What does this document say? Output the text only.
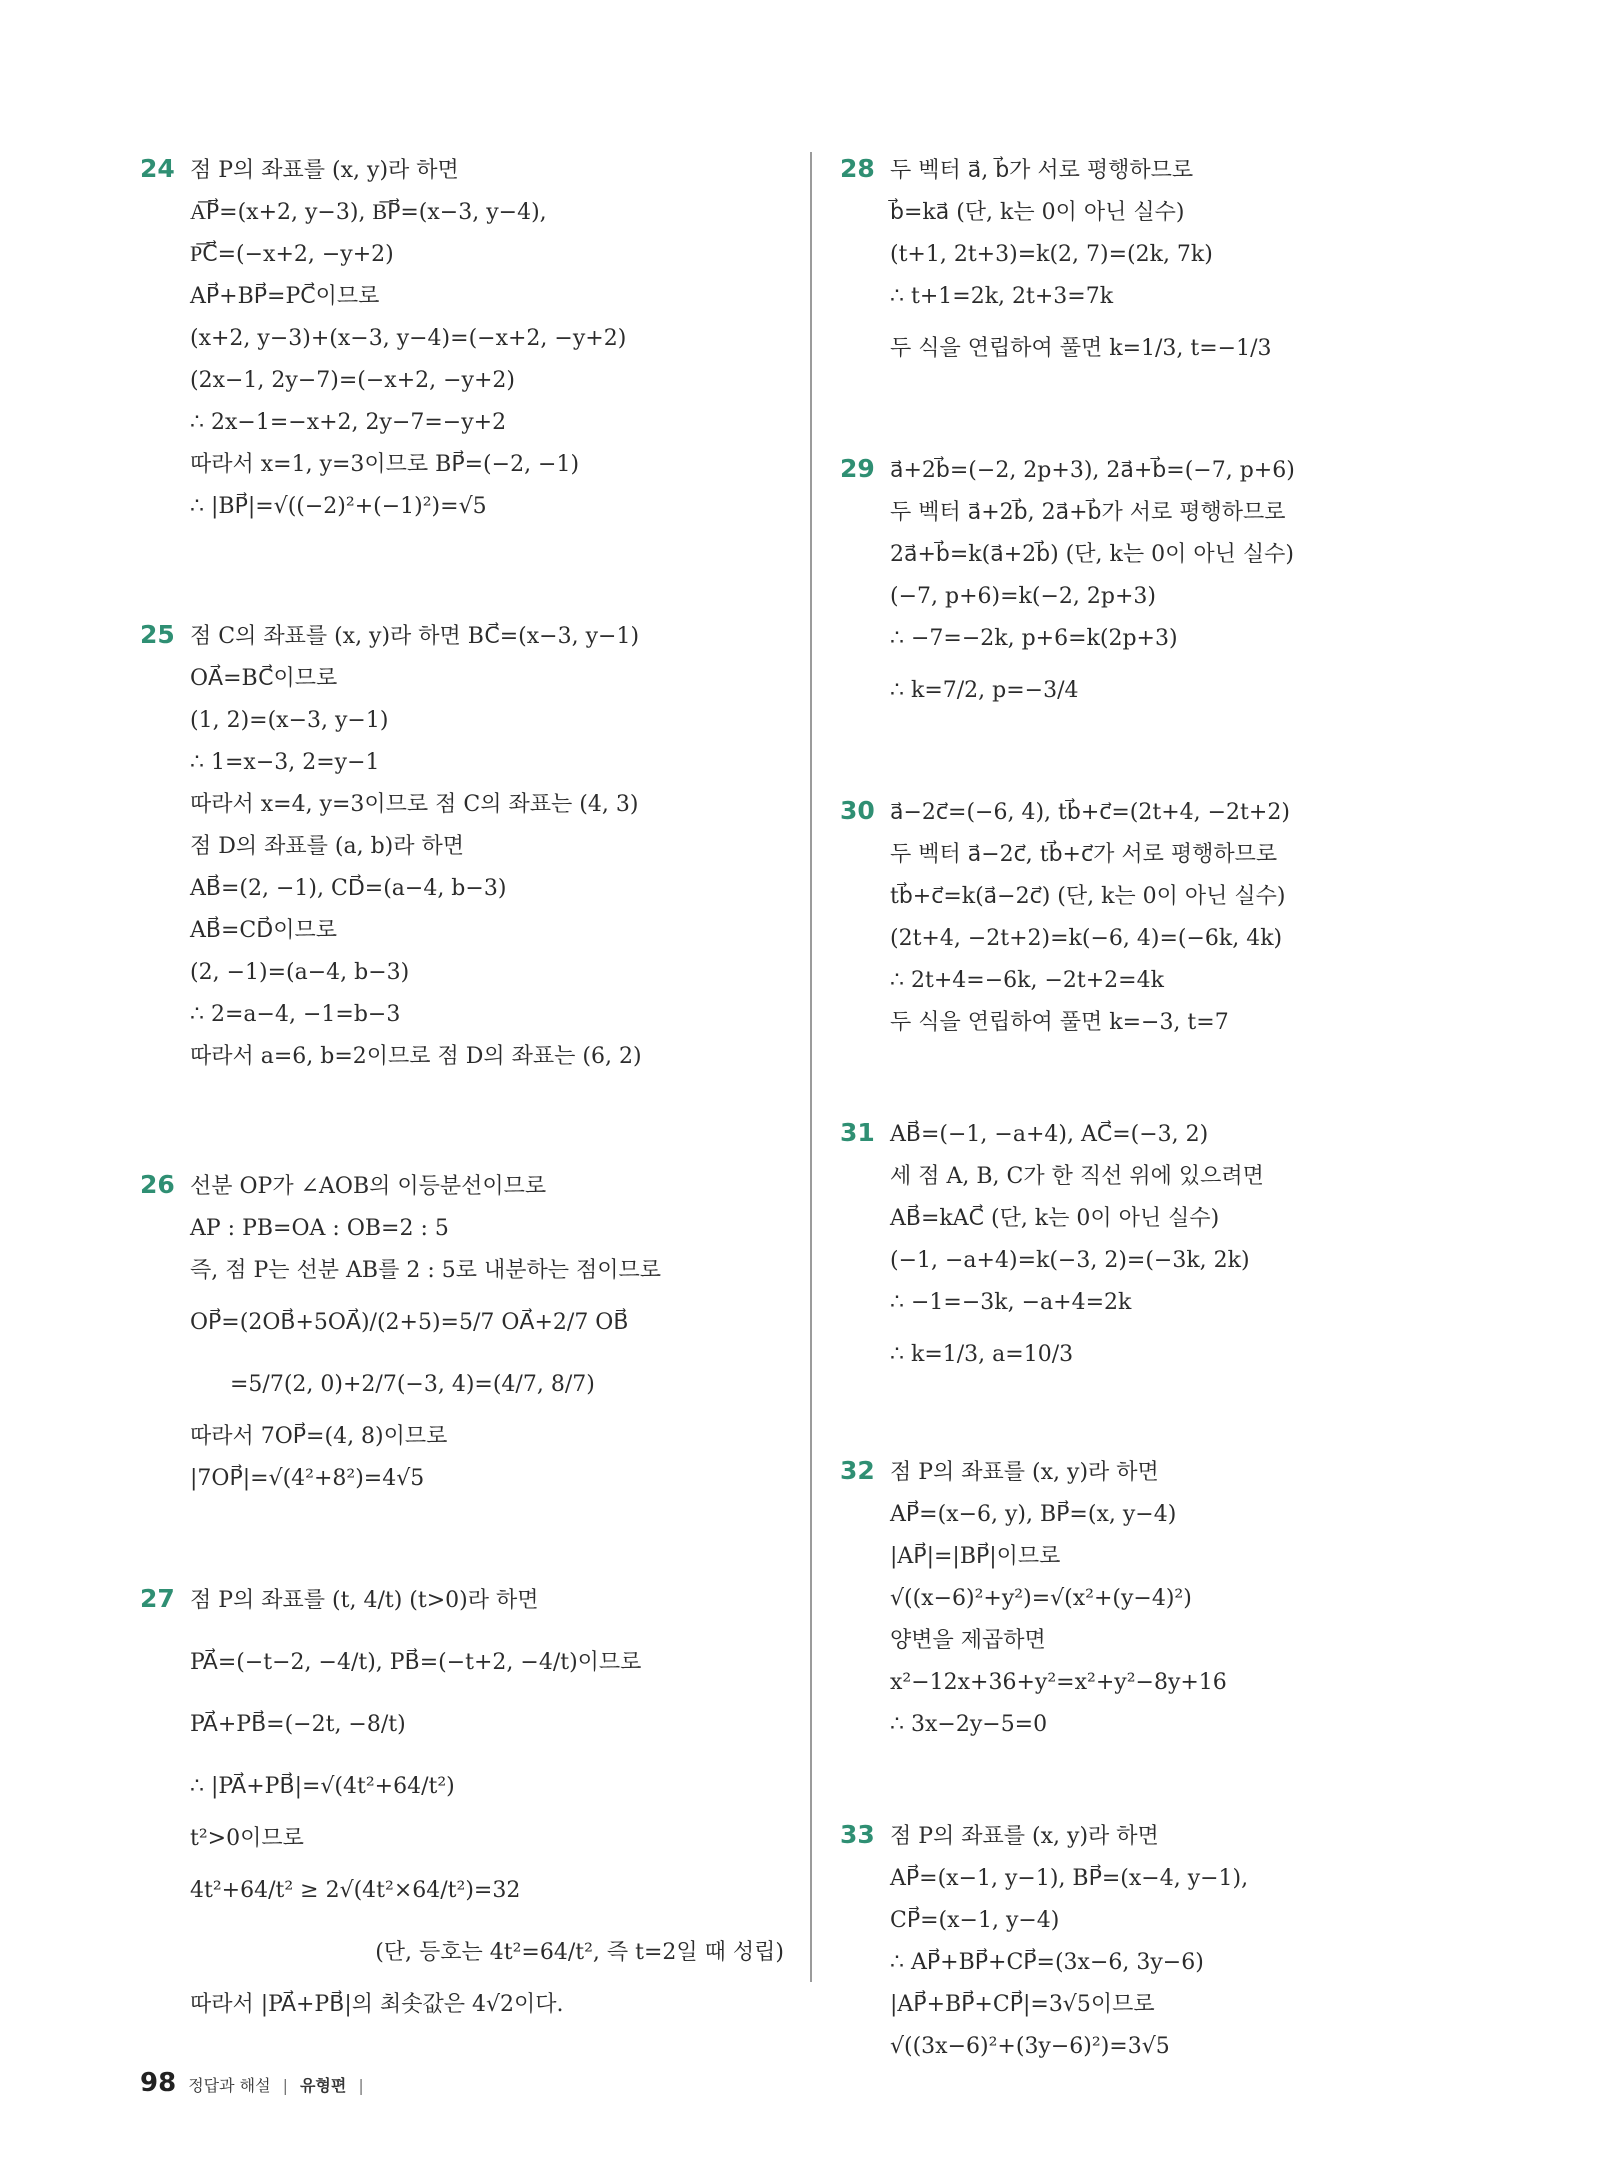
24 점 P의 좌표를 (x, y)라 하면
A͞P⃗=(x+2, y−3), B͞P⃗=(x−3, y−4),
P͞C⃗=(−x+2, −y+2)
AP⃗+BP⃗=PC⃗이므로
(x+2, y−3)+(x−3, y−4)=(−x+2, −y+2)
(2x−1, 2y−7)=(−x+2, −y+2)
∴ 2x−1=−x+2, 2y−7=−y+2
따라서 x=1, y=3이므로 BP⃗=(−2, −1)
∴ |BP⃗|=√((−2)²+(−1)²)=√5
25 점 C의 좌표를 (x, y)라 하면 BC⃗=(x−3, y−1)
OA⃗=BC⃗이므로
(1, 2)=(x−3, y−1)
∴ 1=x−3, 2=y−1
따라서 x=4, y=3이므로 점 C의 좌표는 (4, 3)
점 D의 좌표를 (a, b)라 하면
AB⃗=(2, −1), CD⃗=(a−4, b−3)
AB⃗=CD⃗이므로
(2, −1)=(a−4, b−3)
∴ 2=a−4, −1=b−3
따라서 a=6, b=2이므로 점 D의 좌표는 (6, 2)
26 선분 OP가 ∠AOB의 이등분선이므로
AP : PB=OA : OB=2 : 5
즉, 점 P는 선분 AB를 2 : 5로 내분하는 점이므로
OP⃗=(2OB⃗+5OA⃗)/(2+5)=5/7 OA⃗+2/7 OB⃗
=5/7(2, 0)+2/7(−3, 4)=(4/7, 8/7)
따라서 7OP⃗=(4, 8)이므로
|7OP⃗|=√(4²+8²)=4√5
27 점 P의 좌표를 (t, 4/t) (t>0)라 하면
PA⃗=(−t−2, −4/t), PB⃗=(−t+2, −4/t)이므로
PA⃗+PB⃗=(−2t, −8/t)
∴ |PA⃗+PB⃗|=√(4t²+64/t²)
t²>0이므로
4t²+64/t² ≥ 2√(4t²×64/t²)=32
(단, 등호는 4t²=64/t², 즉 t=2일 때 성립)
따라서 |PA⃗+PB⃗|의 최솟값은 4√2이다.
28 두 벡터 a⃗, b⃗가 서로 평행하므로
b⃗=ka⃗ (단, k는 0이 아닌 실수)
(t+1, 2t+3)=k(2, 7)=(2k, 7k)
∴ t+1=2k, 2t+3=7k
두 식을 연립하여 풀면 k=1/3, t=−1/3
29 a⃗+2b⃗=(−2, 2p+3), 2a⃗+b⃗=(−7, p+6)
두 벡터 a⃗+2b⃗, 2a⃗+b⃗가 서로 평행하므로
2a⃗+b⃗=k(a⃗+2b⃗) (단, k는 0이 아닌 실수)
(−7, p+6)=k(−2, 2p+3)
∴ −7=−2k, p+6=k(2p+3)
∴ k=7/2, p=−3/4
30 a⃗−2c⃗=(−6, 4), tb⃗+c⃗=(2t+4, −2t+2)
두 벡터 a⃗−2c⃗, tb⃗+c⃗가 서로 평행하므로
tb⃗+c⃗=k(a⃗−2c⃗) (단, k는 0이 아닌 실수)
(2t+4, −2t+2)=k(−6, 4)=(−6k, 4k)
∴ 2t+4=−6k, −2t+2=4k
두 식을 연립하여 풀면 k=−3, t=7
31 AB⃗=(−1, −a+4), AC⃗=(−3, 2)
세 점 A, B, C가 한 직선 위에 있으려면
AB⃗=kAC⃗ (단, k는 0이 아닌 실수)
(−1, −a+4)=k(−3, 2)=(−3k, 2k)
∴ −1=−3k, −a+4=2k
∴ k=1/3, a=10/3
32 점 P의 좌표를 (x, y)라 하면
AP⃗=(x−6, y), BP⃗=(x, y−4)
|AP⃗|=|BP⃗|이므로
√((x−6)²+y²)=√(x²+(y−4)²)
양변을 제곱하면
x²−12x+36+y²=x²+y²−8y+16
∴ 3x−2y−5=0
33 점 P의 좌표를 (x, y)라 하면
AP⃗=(x−1, y−1), BP⃗=(x−4, y−1),
CP⃗=(x−1, y−4)
∴ AP⃗+BP⃗+CP⃗=(3x−6, 3y−6)
|AP⃗+BP⃗+CP⃗|=3√5이므로
√((3x−6)²+(3y−6)²)=3√5
98 정답과 해설 | 유형편 |
